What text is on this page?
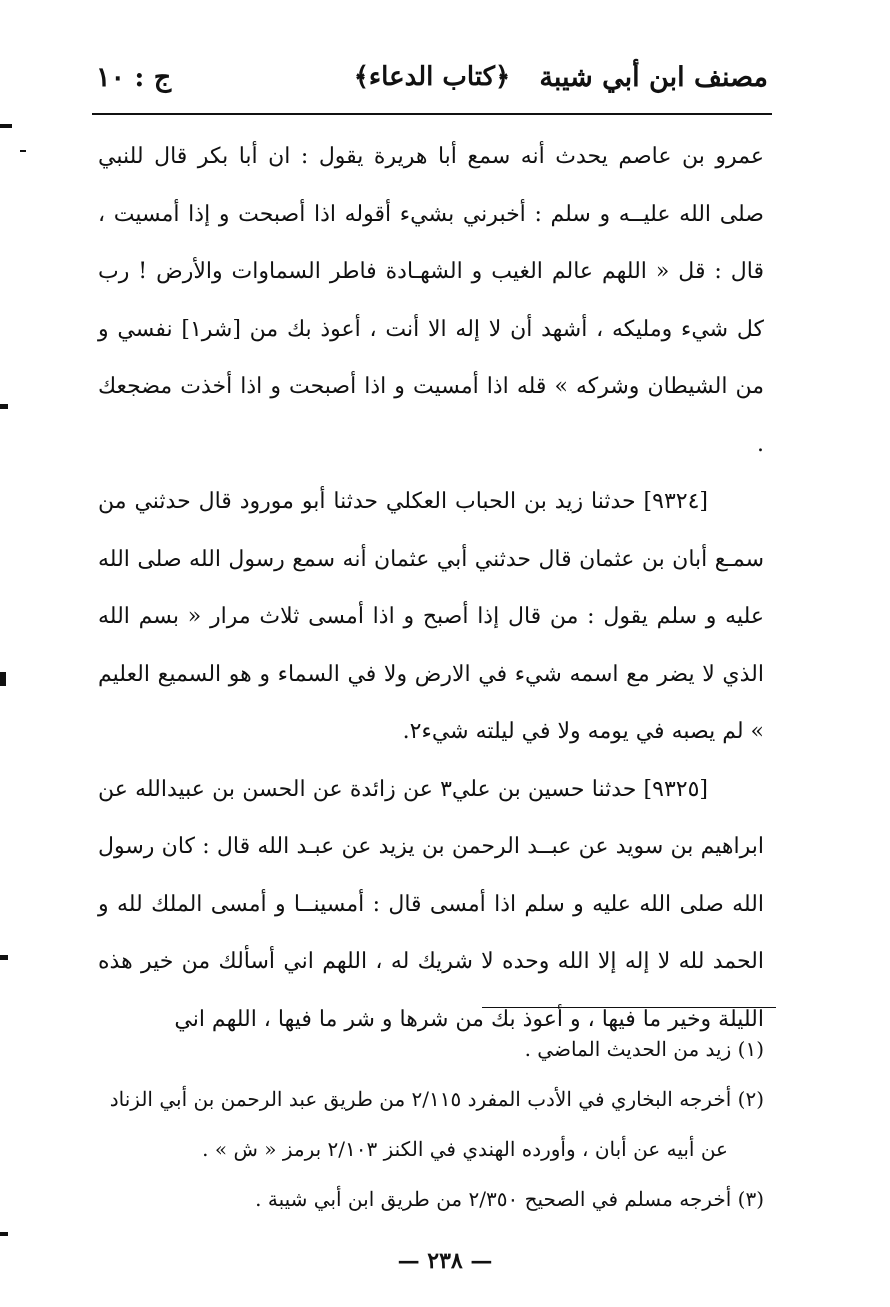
مصنف ابن أبي شيبة
﴿كتاب الدعاء﴾
ج : ١٠

عمرو بن عاصم يحدث أنه سمع أبا هريرة يقول : ان أبا بكر قال للنبي صلى الله عليــه و سلم : أخبرني بشيء أقوله اذا أصبحت و إذا أمسيت ، قال : قل « اللهم عالم الغيب و الشهـادة فاطر السماوات والأرض ! رب كل شيء ومليكه ، أشهد أن لا إله الا أنت ، أعوذ بك من [شر١] نفسي و من الشيطان وشركه » قله اذا أمسيت و اذا أصبحت و اذا أخذت مضجعك .

[٩٣٢٤] حدثنا زيد بن الحباب العكلي حدثنا أبو مورود قال حدثني من سمـع أبان بن عثمان قال حدثني أبي عثمان أنه سمع رسول الله صلى الله عليه و سلم يقول : من قال إذا أصبح و اذا أمسى ثلاث مرار « بسم الله الذي لا يضر مع اسمه شيء في الارض ولا في السماء و هو السميع العليم » لم يصبه في يومه ولا في ليلته شيء٢.

[٩٣٢٥] حدثنا حسين بن علي٣ عن زائدة عن الحسن بن عبيدالله عن ابراهيم بن سويد عن عبــد الرحمن بن يزيد عن عبـد الله قال : كان رسول الله صلى الله عليه و سلم اذا أمسى قال : أمسينــا و أمسى الملك لله و الحمد لله لا إله إلا الله وحده لا شريك له ، اللهم اني أسألك من خير هذه الليلة وخير ما فيها ، و أعوذ بك من شرها و شر ما فيها ، اللهم اني

(١) زيد من الحديث الماضي .

(٢) أخرجه البخاري في الأدب المفرد ٢/١١٥ من طريق عبد الرحمن بن أبي الزناد

عن أبيه عن أبان ، وأورده الهندي في الكنز ٢/١٠٣ برمز « ش » .

(٣) أخرجه مسلم في الصحيح ٢/٣٥٠ من طريق ابن أبي شيبة .

— ٢٣٨ —
